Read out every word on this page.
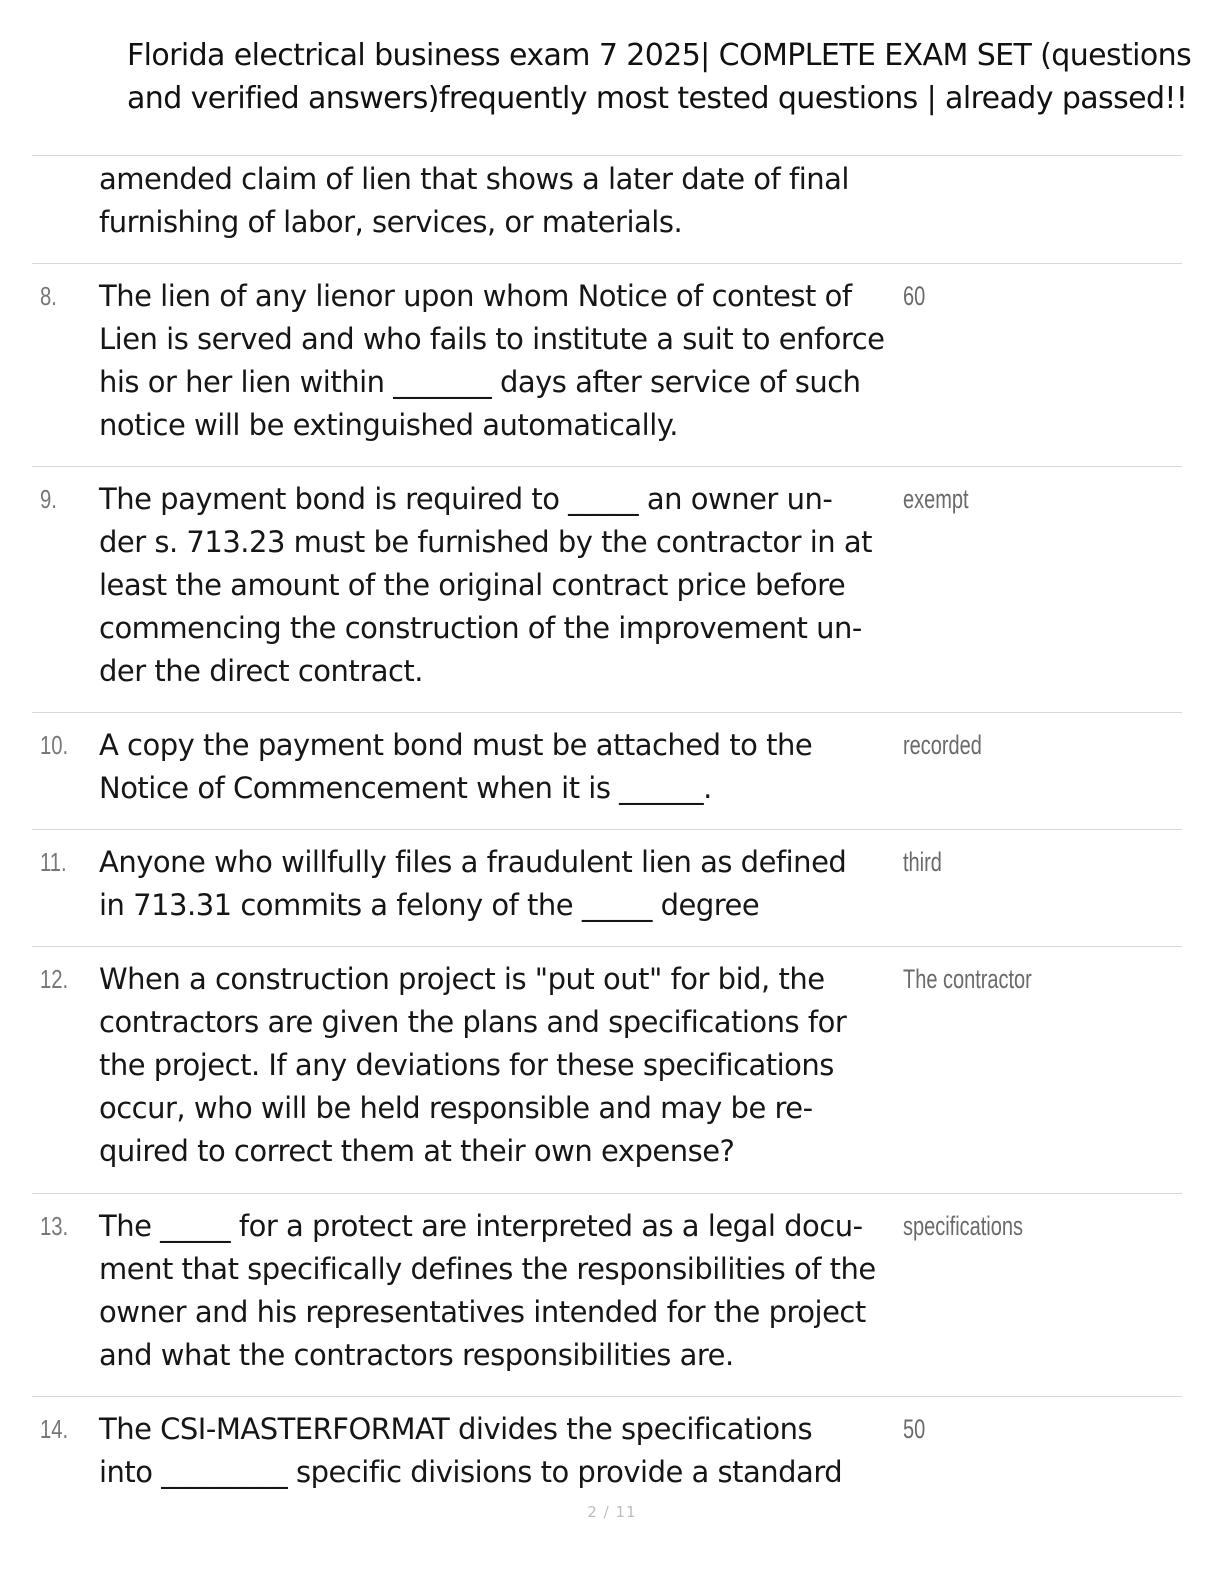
Florida electrical business exam 7 2025| COMPLETE EXAM SET (questions
and verified answers)frequently most tested questions | already passed!!
amended claim of lien that shows a later date of final
furnishing of labor, services, or materials.
8. The lien of any lienor upon whom Notice of contest of
Lien is served and who fails to institute a suit to enforce
his or her lien within _______ days after service of such
notice will be extinguished automatically.
60
9. The payment bond is required to _____ an owner un-
der s. 713.23 must be furnished by the contractor in at
least the amount of the original contract price before
commencing the construction of the improvement un-
der the direct contract.
exempt
10. A copy the payment bond must be attached to the
Notice of Commencement when it is ______.
recorded
11. Anyone who willfully files a fraudulent lien as defined
in 713.31 commits a felony of the _____ degree
third
12. When a construction project is "put out" for bid, the
contractors are given the plans and specifications for
the project. If any deviations for these specifications
occur, who will be held responsible and may be re-
quired to correct them at their own expense?
The contractor
13. The _____ for a protect are interpreted as a legal docu-
ment that specifically defines the responsibilities of the
owner and his representatives intended for the project
and what the contractors responsibilities are.
specifications
14. The CSI-MASTERFORMAT divides the specifications
into _________ specific divisions to provide a standard
50
2 / 11
